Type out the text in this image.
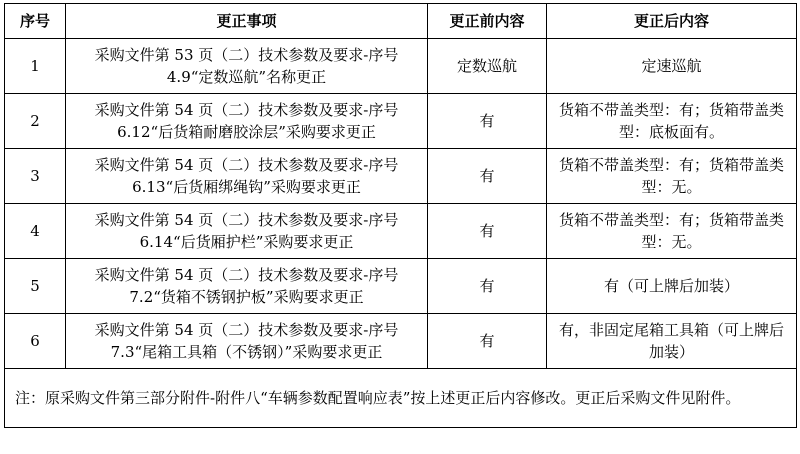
序号	更正事项	更正前内容	更正后内容
1	采购文件第 53 页（二）技术参数及要求-序号 4.9“定数巡航”名称更正	定数巡航	定速巡航
2	采购文件第 54 页（二）技术参数及要求-序号 6.12“后货箱耐磨胶涂层”采购要求更正	有	货箱不带盖类型：有；货箱带盖类型：底板面有。
3	采购文件第 54 页（二）技术参数及要求-序号 6.13“后货厢绑绳钩”采购要求更正	有	货箱不带盖类型：有；货箱带盖类型：无。
4	采购文件第 54 页（二）技术参数及要求-序号 6.14“后货厢护栏”采购要求更正	有	货箱不带盖类型：有；货箱带盖类型：无。
5	采购文件第 54 页（二）技术参数及要求-序号 7.2“货箱不锈钢护板”采购要求更正	有	有（可上牌后加装）
6	采购文件第 54 页（二）技术参数及要求-序号 7.3“尾箱工具箱（不锈钢）”采购要求更正	有	有，非固定尾箱工具箱（可上牌后加装）
注：原采购文件第三部分附件-附件八“车辆参数配置响应表”按上述更正后内容修改。更正后采购文件见附件。			
